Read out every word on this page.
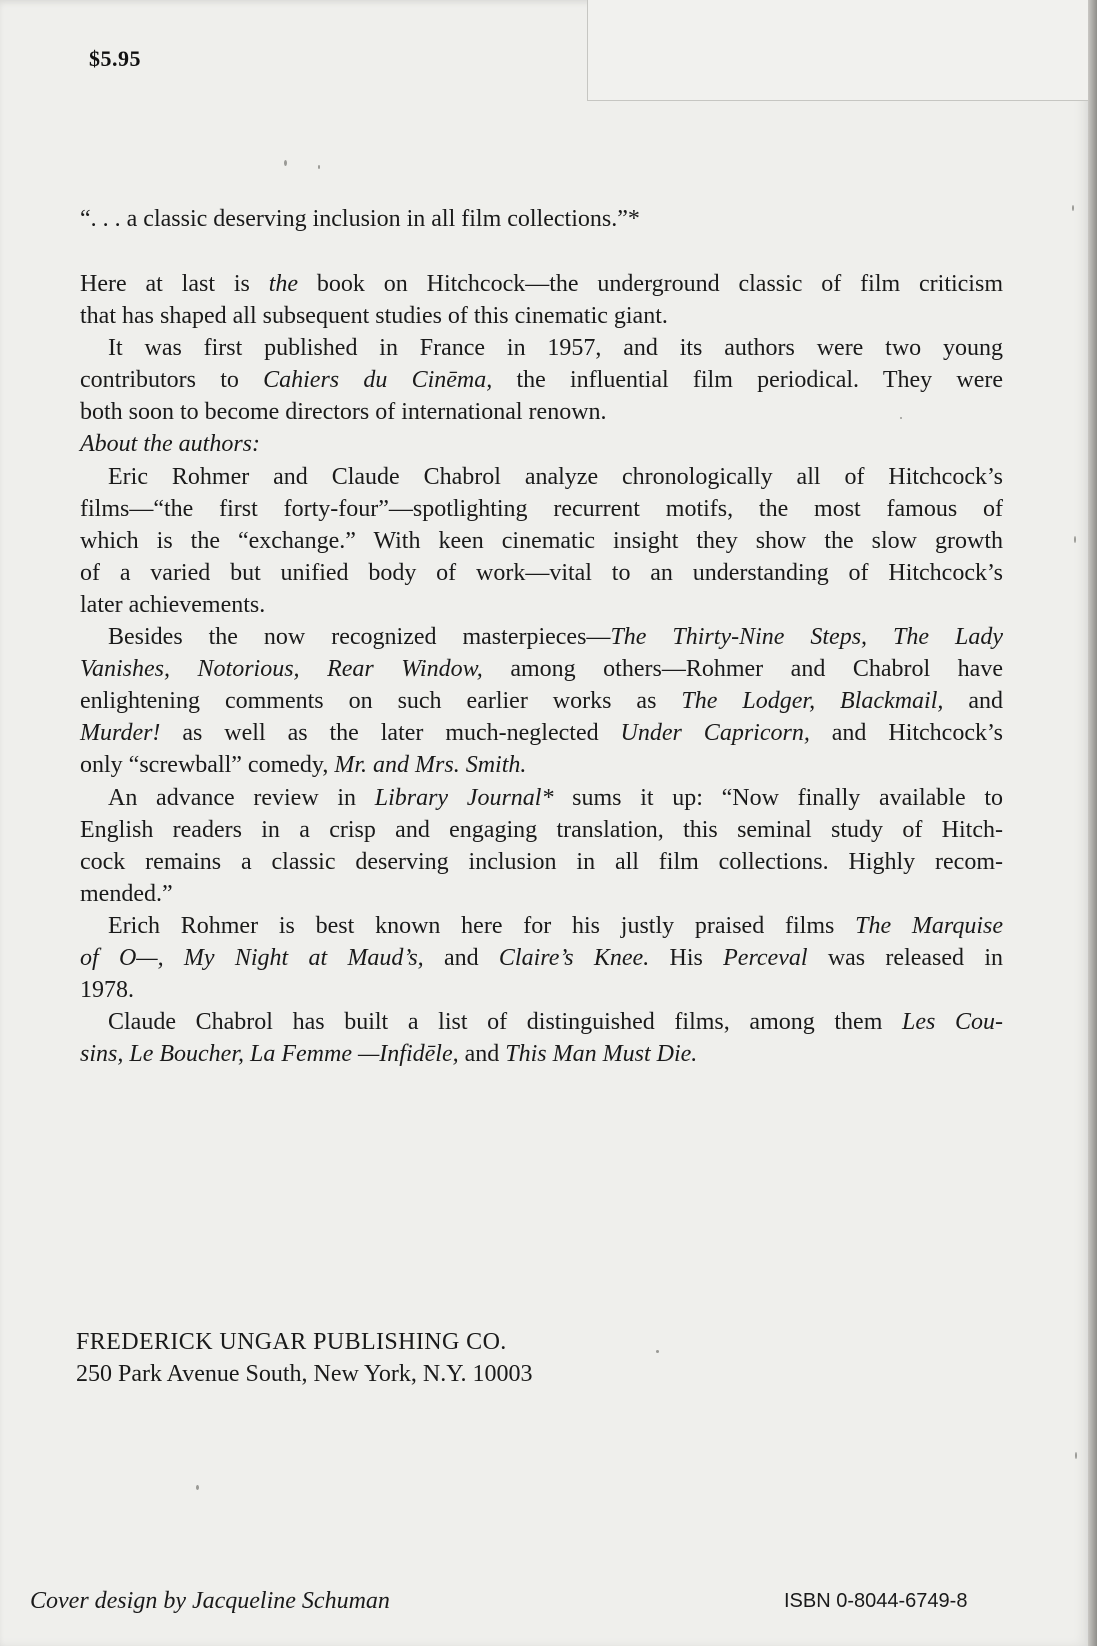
$5.95
“. . . a classic deserving inclusion in all film collections.”*

Here at last is the book on Hitchcock—the underground classic of film criticism
that has shaped all subsequent studies of this cinematic giant.

It was first published in France in 1957, and its authors were two young
contributors to Cahiers du Cinēma, the influential film periodical. They were
both soon to become directors of international renown.

About the authors:

Eric Rohmer and Claude Chabrol analyze chronologically all of Hitchcock’s
films—“the first forty-four”—spotlighting recurrent motifs, the most famous of
which is the “exchange.” With keen cinematic insight they show the slow growth
of a varied but unified body of work—vital to an understanding of Hitchcock’s
later achievements.

Besides the now recognized masterpieces—The Thirty-Nine Steps, The Lady
Vanishes, Notorious, Rear Window, among others—Rohmer and Chabrol have
enlightening comments on such earlier works as The Lodger, Blackmail, and
Murder! as well as the later much-neglected Under Capricorn, and Hitchcock’s
only “screwball” comedy, Mr. and Mrs. Smith.

An advance review in Library Journal* sums it up: “Now finally available to
English readers in a crisp and engaging translation, this seminal study of Hitch-
cock remains a classic deserving inclusion in all film collections. Highly recom-
mended.”

Erich Rohmer is best known here for his justly praised films The Marquise
of O—, My Night at Maud’s, and Claire’s Knee. His Perceval was released in
1978.

Claude Chabrol has built a list of distinguished films, among them Les Cou-
sins, Le Boucher, La Femme —Infidēle, and This Man Must Die.

FREDERICK UNGAR PUBLISHING CO.
250 Park Avenue South, New York, N.Y. 10003
Cover design by Jacqueline Schuman	ISBN 0-8044-6749-8
